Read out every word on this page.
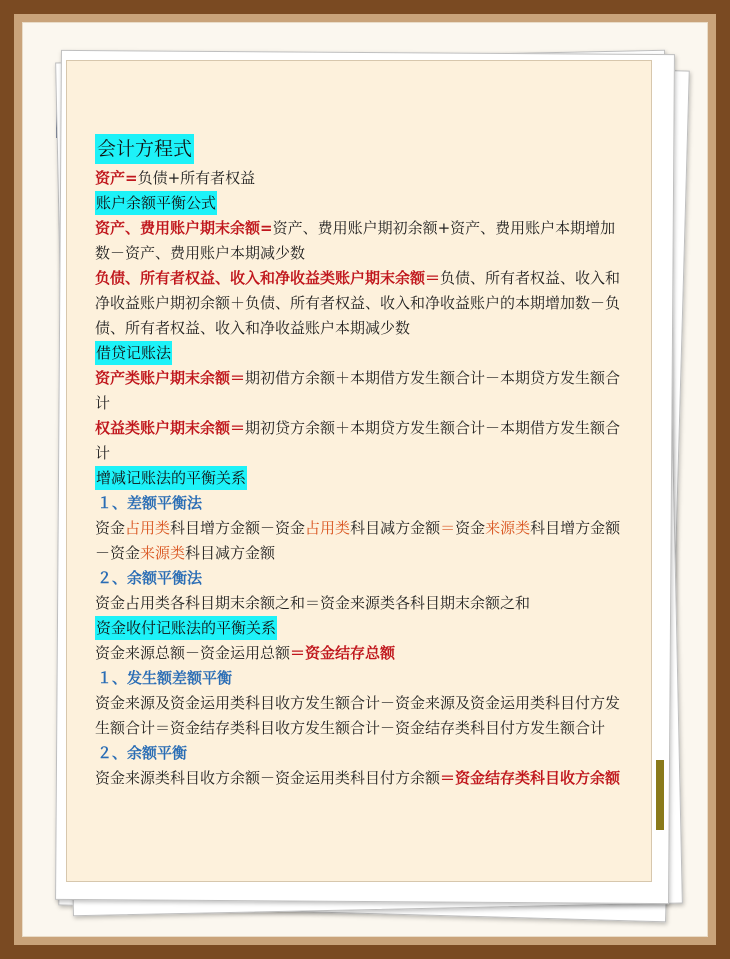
会计方程式

资产=负债+所有者权益

账户余额平衡公式

资产、费用账户期末余额=资产、费用账户期初余额+资产、费用账户本期增加数－资产、费用账户本期减少数

负债、所有者权益、收入和净收益类账户期末余额＝负债、所有者权益、收入和净收益账户期初余额＋负债、所有者权益、收入和净收益账户的本期增加数－负债、所有者权益、收入和净收益账户本期减少数

借贷记账法

资产类账户期末余额＝期初借方余额＋本期借方发生额合计－本期贷方发生额合计

权益类账户期末余额＝期初贷方余额＋本期贷方发生额合计－本期借方发生额合计

增减记账法的平衡关系

１、差额平衡法

资金占用类科目增方金额－资金占用类科目减方金额＝资金来源类科目增方金额－资金来源类科目减方金额

２、余额平衡法

资金占用类各科目期末余额之和＝资金来源类各科目期末余额之和

资金收付记账法的平衡关系

资金来源总额－资金运用总额＝资金结存总额

１、发生额差额平衡

资金来源及资金运用类科目收方发生额合计－资金来源及资金运用类科目付方发生额合计＝资金结存类科目收方发生额合计－资金结存类科目付方发生额合计

２、余额平衡

资金来源类科目收方余额－资金运用类科目付方余额＝资金结存类科目收方余额
